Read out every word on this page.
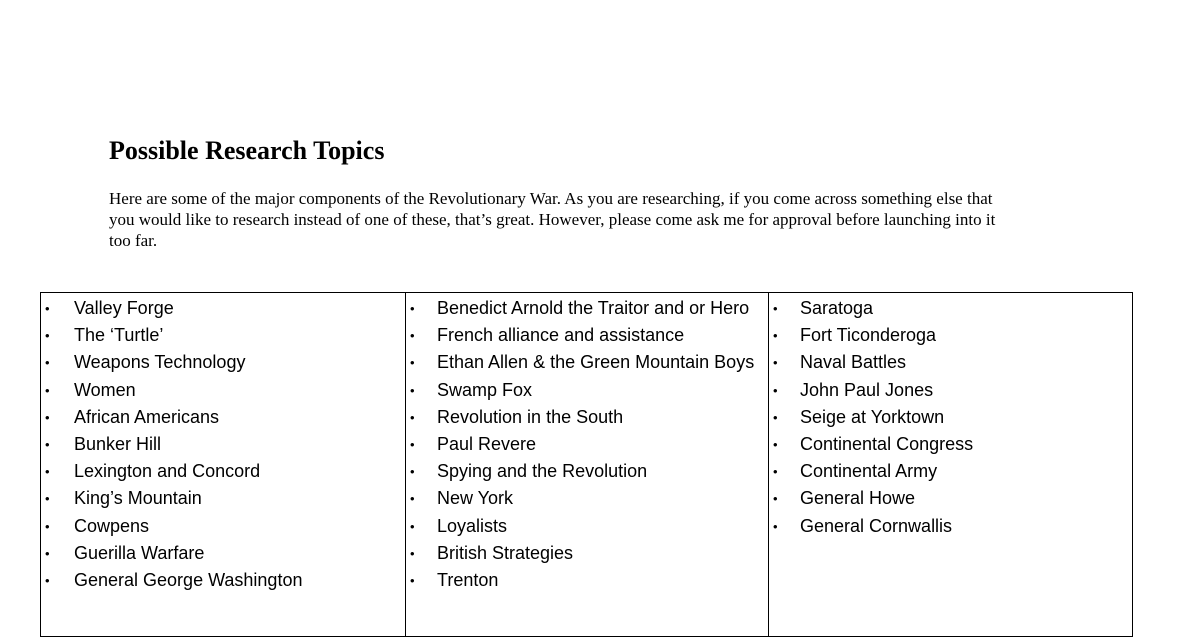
Possible Research Topics

Here are some of the major components of the Revolutionary War. As you are researching, if you come across something else that
you would like to research instead of one of these, that’s great. However, please come ask me for approval before launching into it
too far.

•	Valley Forge
•	The ‘Turtle’
•	Weapons Technology
•	Women
•	African Americans
•	Bunker Hill
•	Lexington and Concord
•	King’s Mountain
•	Cowpens
•	Guerilla Warfare
•	General George Washington
•	Benedict Arnold the Traitor and or Hero
•	French alliance and assistance
•	Ethan Allen & the Green Mountain Boys
•	Swamp Fox
•	Revolution in the South
•	Paul Revere
•	Spying and the Revolution
•	New York
•	Loyalists
•	British Strategies
•	Trenton
•	Saratoga
•	Fort Ticonderoga
•	Naval Battles
•	John Paul Jones
•	Seige at Yorktown
•	Continental Congress
•	Continental Army
•	General Howe
•	General Cornwallis
